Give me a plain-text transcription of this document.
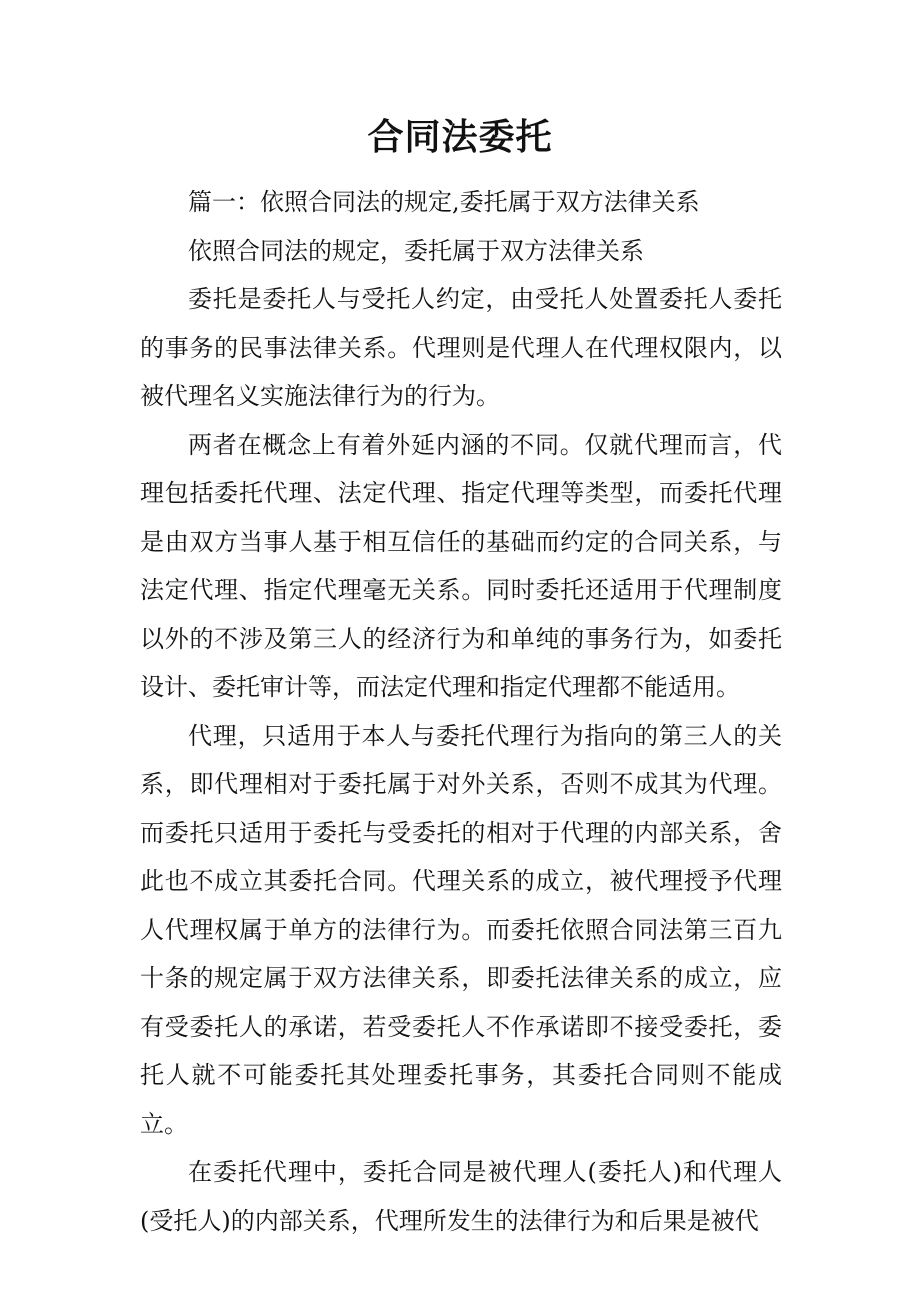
合同法委托

篇一：依照合同法的规定,委托属于双方法律关系

依照合同法的规定，委托属于双方法律关系

委托是委托人与受托人约定，由受托人处置委托人委托的事务的民事法律关系。代理则是代理人在代理权限内，以被代理名义实施法律行为的行为。

两者在概念上有着外延内涵的不同。仅就代理而言，代理包括委托代理、法定代理、指定代理等类型，而委托代理是由双方当事人基于相互信任的基础而约定的合同关系，与法定代理、指定代理毫无关系。同时委托还适用于代理制度以外的不涉及第三人的经济行为和单纯的事务行为，如委托设计、委托审计等，而法定代理和指定代理都不能适用。

代理，只适用于本人与委托代理行为指向的第三人的关系，即代理相对于委托属于对外关系，否则不成其为代理。而委托只适用于委托与受委托的相对于代理的内部关系，舍此也不成立其委托合同。代理关系的成立，被代理授予代理人代理权属于单方的法律行为。而委托依照合同法第三百九十条的规定属于双方法律关系，即委托法律关系的成立，应有受委托人的承诺，若受委托人不作承诺即不接受委托，委托人就不可能委托其处理委托事务，其委托合同则不能成立。

在委托代理中，委托合同是被代理人(委托人)和代理人(受托人)的内部关系，代理所发生的法律行为和后果是被代
